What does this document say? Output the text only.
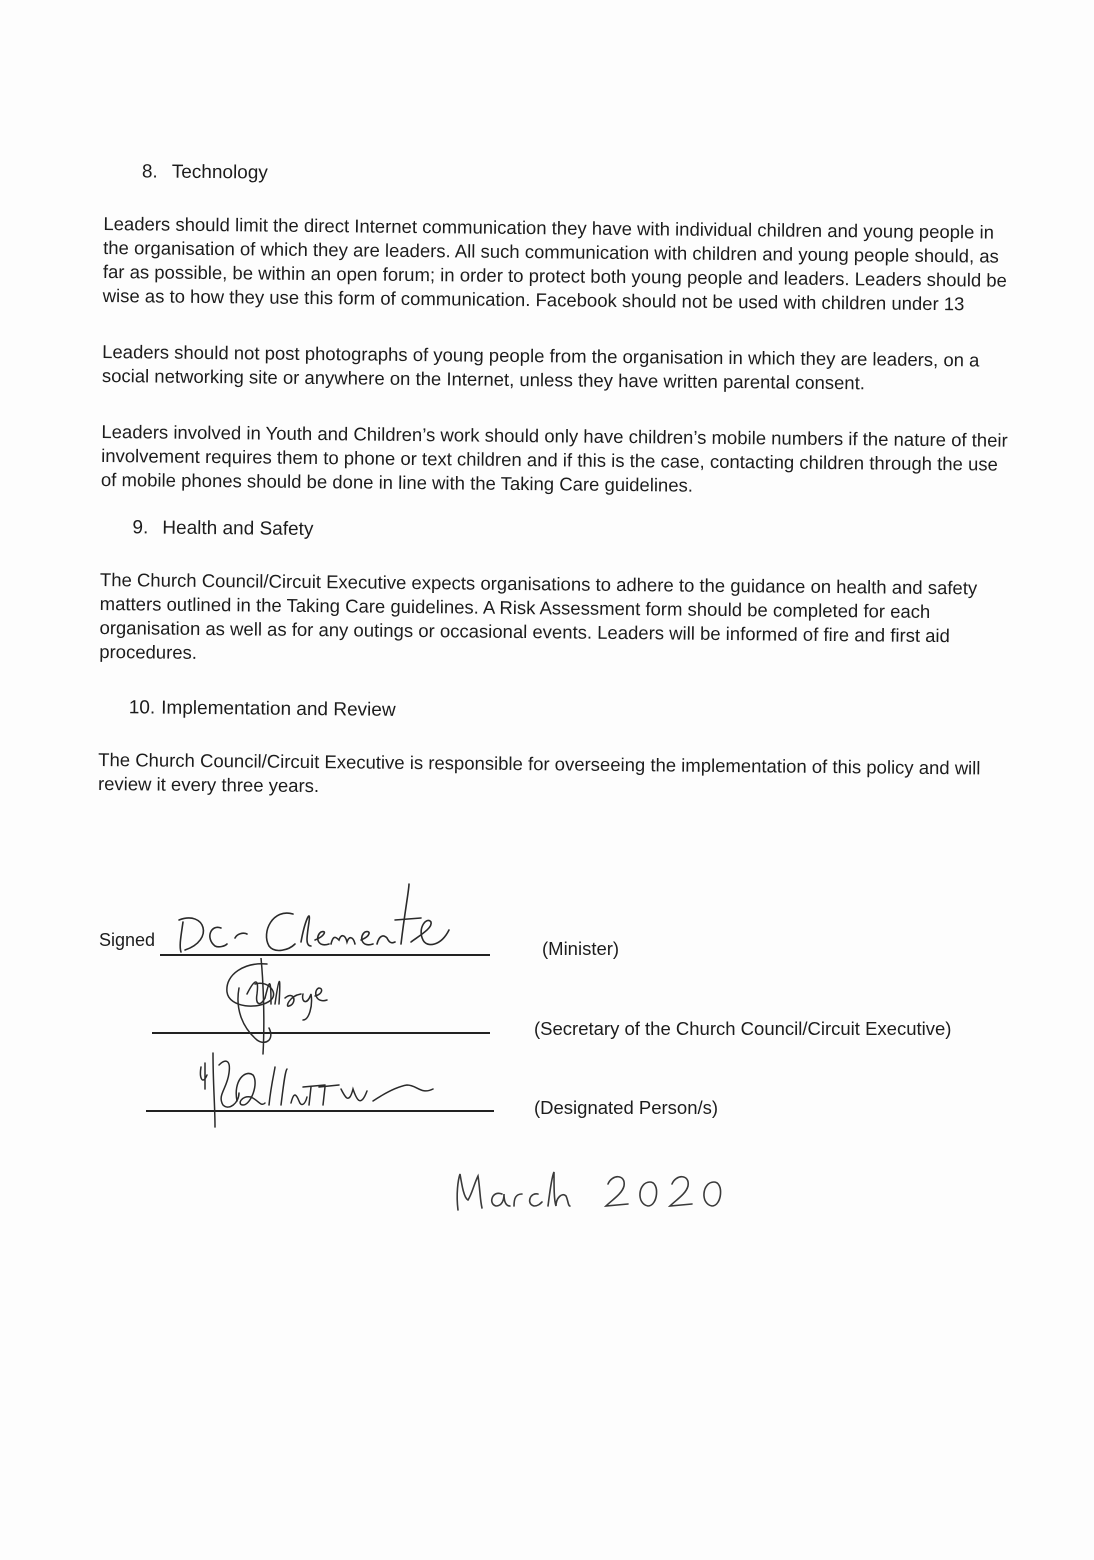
8. Technology

Leaders should limit the direct Internet communication they have with individual children and young people in the organisation of which they are leaders. All such communication with children and young people should, as far as possible, be within an open forum; in order to protect both young people and leaders. Leaders should be wise as to how they use this form of communication. Facebook should not be used with children under 13

Leaders should not post photographs of young people from the organisation in which they are leaders, on a social networking site or anywhere on the Internet, unless they have written parental consent.

Leaders involved in Youth and Children’s work should only have children’s mobile numbers if the nature of their involvement requires them to phone or text children and if this is the case, contacting children through the use of mobile phones should be done in line with the Taking Care guidelines.

9. Health and Safety

The Church Council/Circuit Executive expects organisations to adhere to the guidance on health and safety matters outlined in the Taking Care guidelines. A Risk Assessment form should be completed for each organisation as well as for any outings or occasional events. Leaders will be informed of fire and first aid procedures.

10. Implementation and Review

The Church Council/Circuit Executive is responsible for overseeing the implementation of this policy and will review it every three years.

Signed	(Minister)
(Secretary of the Church Council/Circuit Executive)
(Designated Person/s)
